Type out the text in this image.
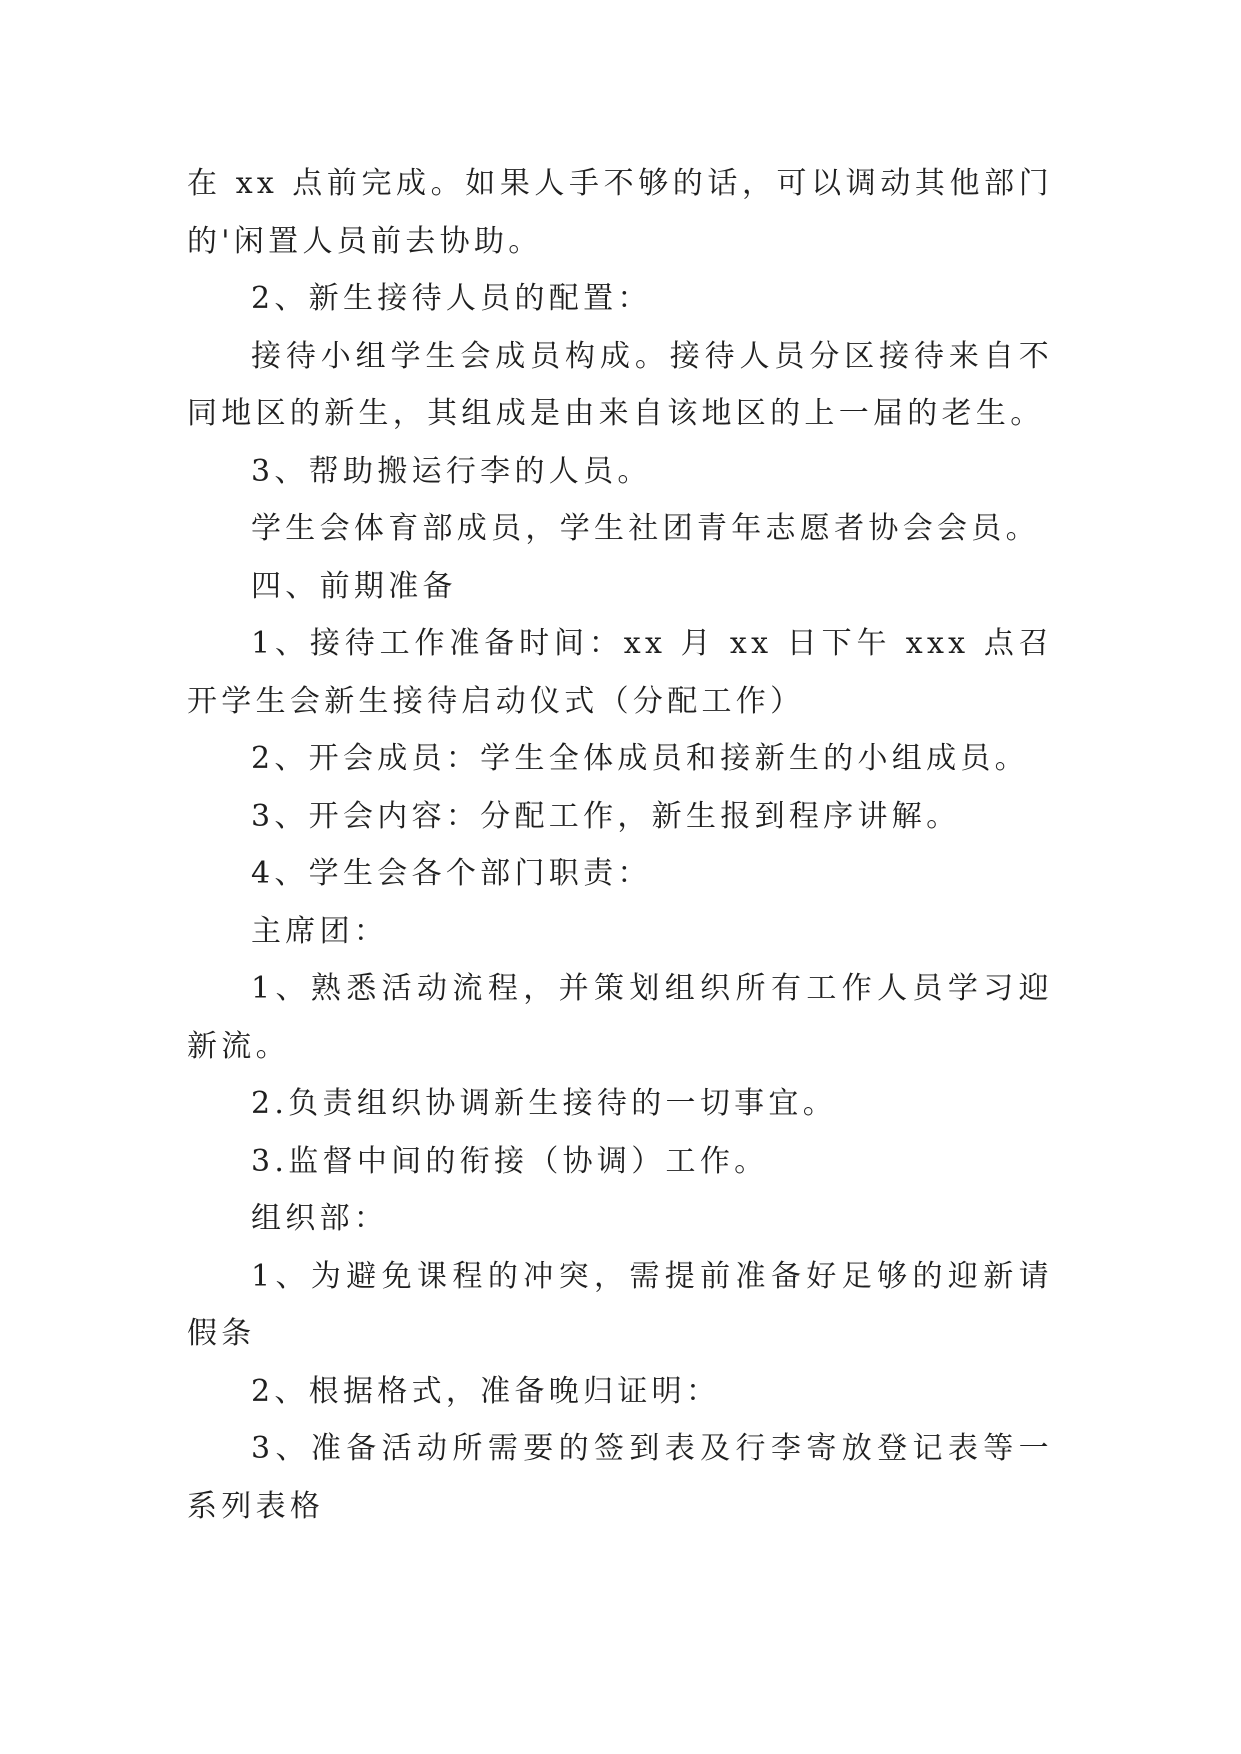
在 xx 点前完成。如果人手不够的话，可以调动其他部门的'闲置人员前去协助。

2、新生接待人员的配置：

接待小组学生会成员构成。接待人员分区接待来自不同地区的新生，其组成是由来自该地区的上一届的老生。

3、帮助搬运行李的人员。

学生会体育部成员，学生社团青年志愿者协会会员。

四、前期准备

1、接待工作准备时间：xx 月 xx 日下午 xxx 点召开学生会新生接待启动仪式（分配工作）

2、开会成员：学生全体成员和接新生的小组成员。

3、开会内容：分配工作，新生报到程序讲解。

4、学生会各个部门职责：

主席团：

1、熟悉活动流程，并策划组织所有工作人员学习迎新流。

2.负责组织协调新生接待的一切事宜。

3.监督中间的衔接（协调）工作。

组织部：

1、为避免课程的冲突，需提前准备好足够的迎新请假条

2、根据格式，准备晚归证明：

3、准备活动所需要的签到表及行李寄放登记表等一系列表格
